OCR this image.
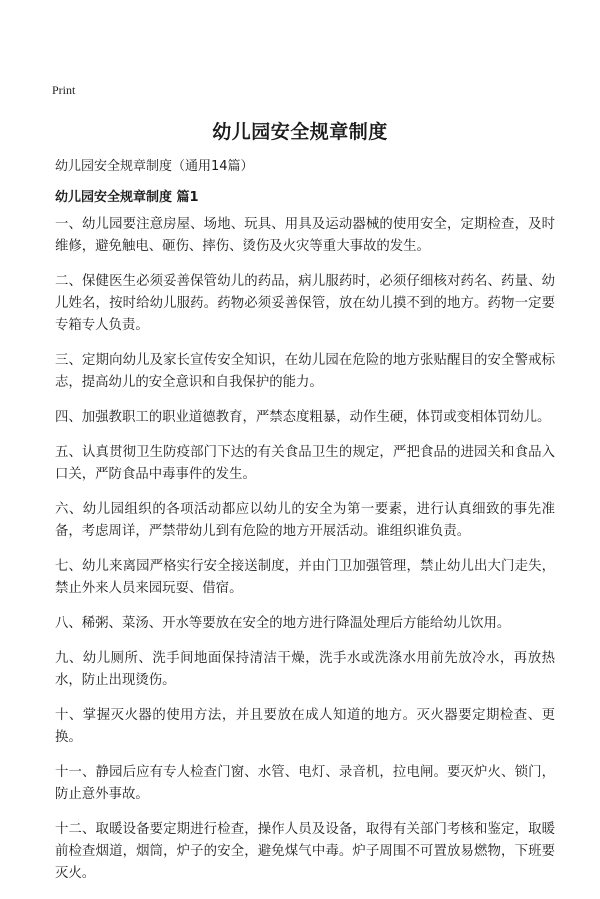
Print
幼儿园安全规章制度
幼儿园安全规章制度（通用14篇）
幼儿园安全规章制度 篇1
一、幼儿园要注意房屋、场地、玩具、用具及运动器械的使用安全，定期检查，及时维修，避免触电、砸伤、摔伤、烫伤及火灾等重大事故的发生。
二、保健医生必须妥善保管幼儿的药品，病儿服药时，必须仔细核对药名、药量、幼儿姓名，按时给幼儿服药。药物必须妥善保管，放在幼儿摸不到的地方。药物一定要专箱专人负责。
三、定期向幼儿及家长宣传安全知识，在幼儿园在危险的地方张贴醒目的安全警戒标志，提高幼儿的安全意识和自我保护的能力。
四、加强教职工的职业道德教育，严禁态度粗暴，动作生硬，体罚或变相体罚幼儿。
五、认真贯彻卫生防疫部门下达的有关食品卫生的规定，严把食品的进园关和食品入口关，严防食品中毒事件的发生。
六、幼儿园组织的各项活动都应以幼儿的安全为第一要素，进行认真细致的事先准备，考虑周详，严禁带幼儿到有危险的地方开展活动。谁组织谁负责。
七、幼儿来离园严格实行安全接送制度，并由门卫加强管理，禁止幼儿出大门走失，禁止外来人员来园玩耍、借宿。
八、稀粥、菜汤、开水等要放在安全的地方进行降温处理后方能给幼儿饮用。
九、幼儿厕所、洗手间地面保持清洁干燥，洗手水或洗涤水用前先放冷水，再放热水，防止出现烫伤。
十、掌握灭火器的使用方法，并且要放在成人知道的地方。灭火器要定期检查、更换。
十一、静园后应有专人检查门窗、水管、电灯、录音机，拉电闸。要灭炉火、锁门，防止意外事故。
十二、取暖设备要定期进行检查，操作人员及设备，取得有关部门考核和鉴定，取暖前检查烟道，烟筒，炉子的安全，避免煤气中毒。炉子周围不可置放易燃物，下班要灭火。
